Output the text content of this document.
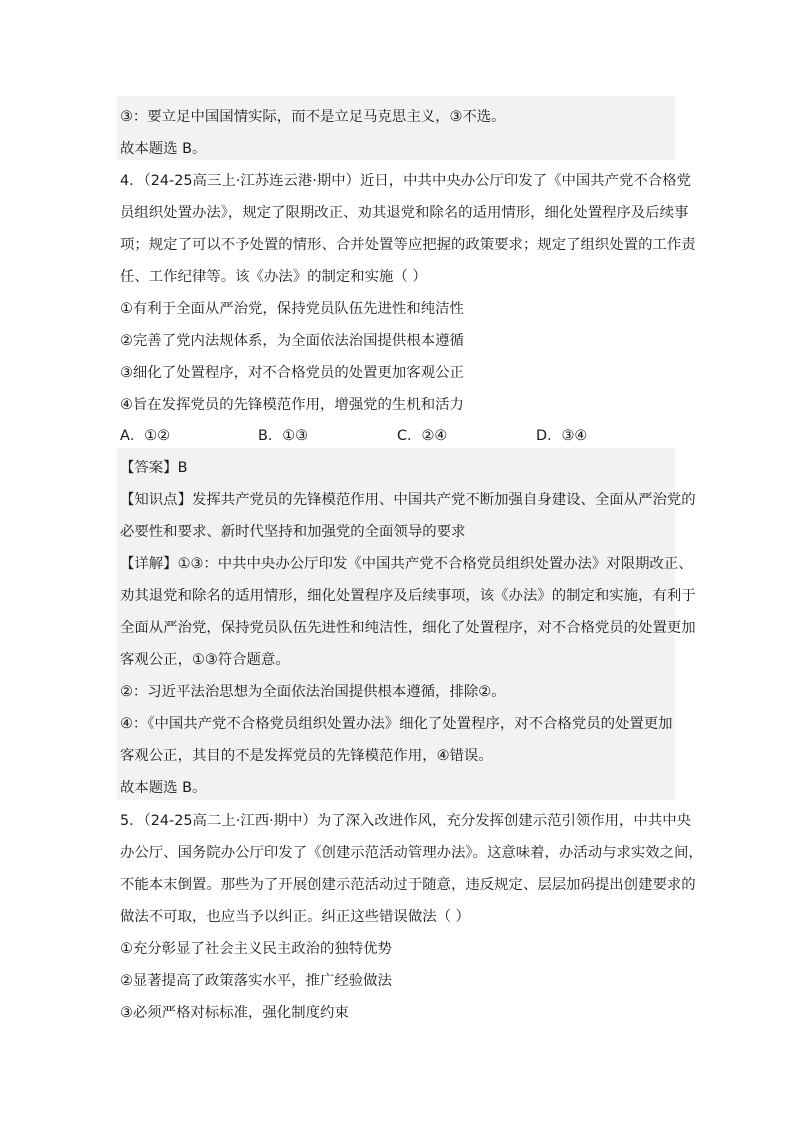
③：要立足中国国情实际，而不是立足马克思主义，③不选。
故本题选 B。
4．（24-25高三上·江苏连云港·期中）近日，中共中央办公厅印发了《中国共产党不合格党
员组织处置办法》，规定了限期改正、劝其退党和除名的适用情形，细化处置程序及后续事
项；规定了可以不予处置的情形、合并处置等应把握的政策要求；规定了组织处置的工作责
任、工作纪律等。该《办法》的制定和实施（ ）
①有利于全面从严治党，保持党员队伍先进性和纯洁性
②完善了党内法规体系，为全面依法治国提供根本遵循
③细化了处置程序，对不合格党员的处置更加客观公正
④旨在发挥党员的先锋模范作用，增强党的生机和活力
A．①②	B．①③	C．②④	D．③④
【答案】B
【知识点】发挥共产党员的先锋模范作用、中国共产党不断加强自身建设、全面从严治党的
必要性和要求、新时代坚持和加强党的全面领导的要求
【详解】①③：中共中央办公厅印发《中国共产党不合格党员组织处置办法》对限期改正、
劝其退党和除名的适用情形，细化处置程序及后续事项，该《办法》的制定和实施，有利于
全面从严治党，保持党员队伍先进性和纯洁性，细化了处置程序，对不合格党员的处置更加
客观公正，①③符合题意。
②：习近平法治思想为全面依法治国提供根本遵循，排除②。
④：《中国共产党不合格党员组织处置办法》细化了处置程序，对不合格党员的处置更加
客观公正，其目的不是发挥党员的先锋模范作用，④错误。
故本题选 B。
5．（24-25高二上·江西·期中）为了深入改进作风，充分发挥创建示范引领作用，中共中央
办公厅、国务院办公厅印发了《创建示范活动管理办法》。这意味着，办活动与求实效之间，
不能本末倒置。那些为了开展创建示范活动过于随意，违反规定、层层加码提出创建要求的
做法不可取，也应当予以纠正。纠正这些错误做法（ ）
①充分彰显了社会主义民主政治的独特优势
②显著提高了政策落实水平，推广经验做法
③必须严格对标标准，强化制度约束
